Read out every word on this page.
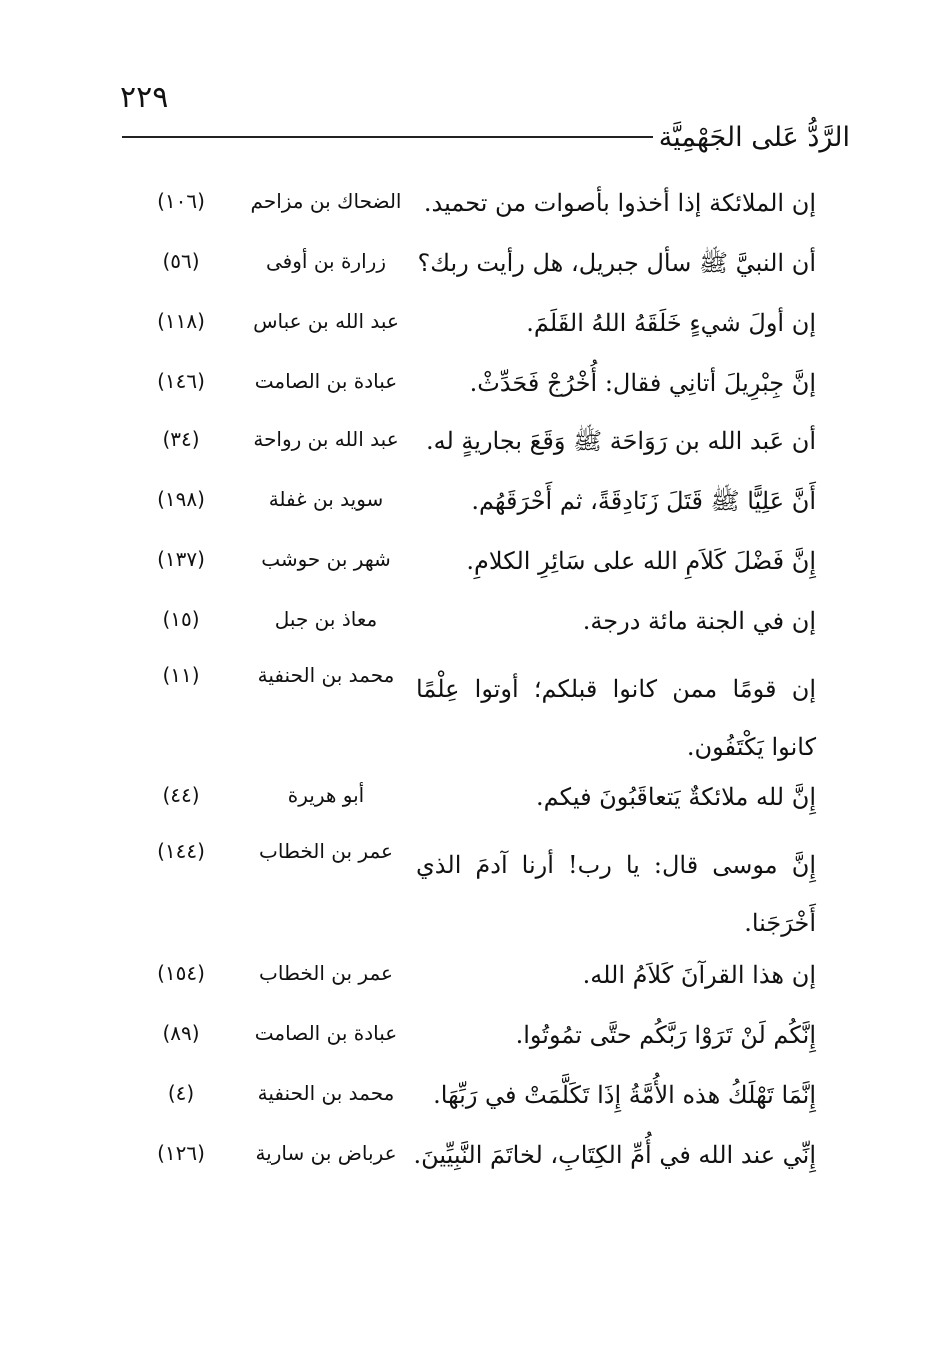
٢٢٩
الرَّدُّ عَلى الجَهْمِيَّة
إن الملائكة إذا أخذوا بأصوات من تحميد.
الضحاك بن مزاحم
(١٠٦)
أن النبيَّ ﷺ سأل جبريل، هل رأيت ربك؟
زرارة بن أوفى
(٥٦)
إن أولَ شيءٍ خَلَقَهُ اللهُ القَلَمَ.
عبد الله بن عباس
(١١٨)
إنَّ جِبْرِيلَ أتانِي فقال: أُخْرُجْ فَحَدِّثْ.
عبادة بن الصامت
(١٤٦)
أن عَبد الله بن رَوَاحَة ﷺ وَقَعَ بجاريةٍ له.
عبد الله بن رواحة
(٣٤)
أَنَّ عَلِيًّا ﷺ قَتَلَ زَنَادِقَةً، ثم أَحْرَقَهُم.
سويد بن غفلة
(١٩٨)
إِنَّ فَضْلَ كَلاَمِ الله على سَائِرِ الكلامِ.
شهر بن حوشب
(١٣٧)
إن في الجنة مائة درجة.
معاذ بن جبل
(١٥)
إن قومًا ممن كانوا قبلكم؛ أوتوا عِلْمًا كانوا يَكْتَفُون.
محمد بن الحنفية
(١١)
إِنَّ لله ملائكةٌ يَتعاقَبُونَ فيكم.
أبو هريرة
(٤٤)
إِنَّ موسى قال: يا رب! أرنا آدمَ الذي أَخْرَجَنا.
عمر بن الخطاب
(١٤٤)
إن هذا القرآنَ كَلاَمُ الله.
عمر بن الخطاب
(١٥٤)
إِنَّكُم لَنْ تَرَوْا رَبَّكُم حتَّى تمُوتُوا.
عبادة بن الصامت
(٨٩)
إِنَّمَا تَهْلَكُ هذه الأُمَّةُ إِذَا تَكَلَّمَتْ في رَبِّهَا.
محمد بن الحنفية
(٤)
إِنِّي عند الله في أُمِّ الكِتَابِ، لخاتَمَ النَّبِيِّينَ.
عرباض بن سارية
(١٢٦)
